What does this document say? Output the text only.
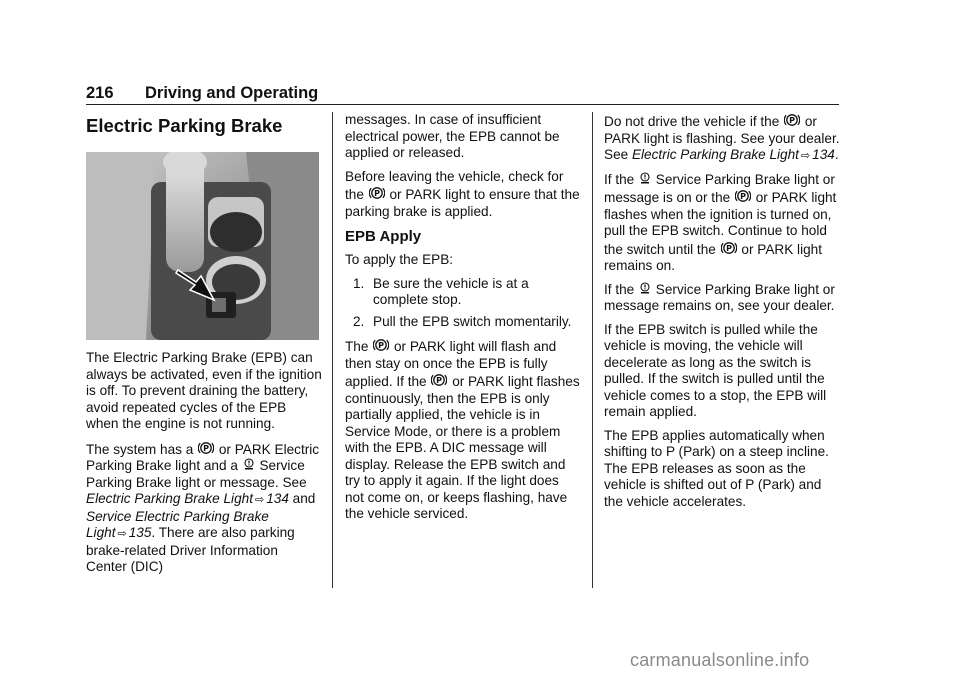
216 Driving and Operating
Electric Parking Brake

The Electric Parking Brake (EPB) can always be activated, even if the ignition is off. To prevent draining the battery, avoid repeated cycles of the EPB when the engine is not running.

The system has a P or PARK Electric Parking Brake light and a Service Parking Brake light or message. See Electric Parking Brake Light ⇨ 134 and Service Electric Parking Brake Light ⇨ 135. There are also parking brake-related Driver Information Center (DIC)

messages. In case of insufficient electrical power, the EPB cannot be applied or released.

Before leaving the vehicle, check for the P or PARK light to ensure that the parking brake is applied.

EPB Apply

To apply the EPB:

1. Be sure the vehicle is at a complete stop.
2. Pull the EPB switch momentarily.

The P or PARK light will flash and then stay on once the EPB is fully applied. If the P or PARK light flashes continuously, then the EPB is only partially applied, the vehicle is in Service Mode, or there is a problem with the EPB. A DIC message will display. Release the EPB switch and try to apply it again. If the light does not come on, or keeps flashing, have the vehicle serviced.

Do not drive the vehicle if the P or PARK light is flashing. See your dealer. See Electric Parking Brake Light ⇨ 134.

If the Service Parking Brake light or message is on or the P or PARK light flashes when the ignition is turned on, pull the EPB switch. Continue to hold the switch until the P or PARK light remains on.

If the Service Parking Brake light or message remains on, see your dealer.

If the EPB switch is pulled while the vehicle is moving, the vehicle will decelerate as long as the switch is pulled. If the switch is pulled until the vehicle comes to a stop, the EPB will remain applied.

The EPB applies automatically when shifting to P (Park) on a steep incline. The EPB releases as soon as the vehicle is shifted out of P (Park) and the vehicle accelerates.

carmanualsonline.info
